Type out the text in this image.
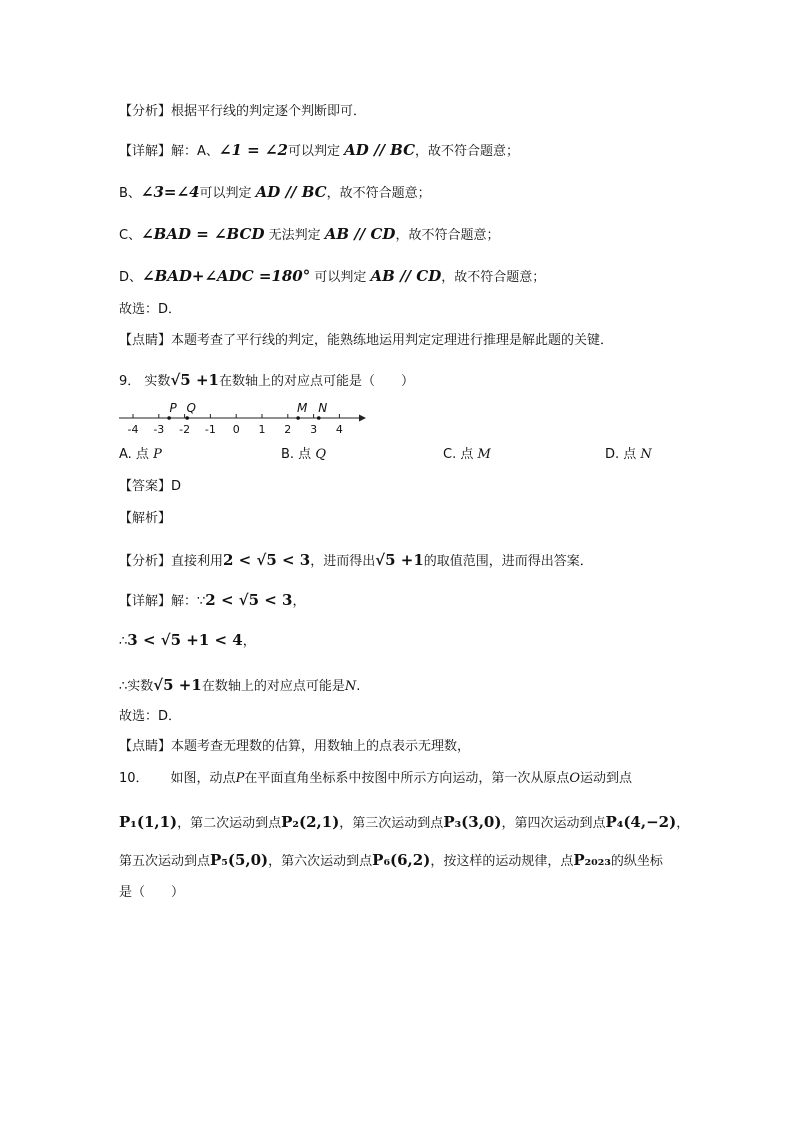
【分析】根据平行线的判定逐个判断即可．
【详解】解：A、∠1 = ∠2可以判定 AD // BC，故不符合题意；
B、∠3=∠4可以判定 AD // BC，故不符合题意；
C、∠BAD = ∠BCD 无法判定 AB // CD，故不符合题意；
D、∠BAD+∠ADC =180° 可以判定 AB // CD，故不符合题意；
故选：D．
【点睛】本题考查了平行线的判定，能熟练地运用判定定理进行推理是解此题的关键．
9． 实数√5 +1在数轴上的对应点可能是（　　）
-4 -3 -2 -1 0 1 2 3 4
P Q	M N
A. 点 P	B. 点 Q	C. 点 M	D. 点 N
【答案】D
【解析】
【分析】直接利用2 < √5 < 3，进而得出√5 +1的取值范围，进而得出答案．
【详解】解：∵2 < √5 < 3，
∴3 < √5 +1 < 4，
∴实数√5 +1在数轴上的对应点可能是N.
故选：D．
【点睛】本题考查无理数的估算，用数轴上的点表示无理数，
10． 如图，动点P在平面直角坐标系中按图中所示方向运动，第一次从原点O运动到点
P₁(1,1)，第二次运动到点P₂(2,1)，第三次运动到点P₃(3,0)，第四次运动到点P₄(4,−2)，
第五次运动到点P₅(5,0)，第六次运动到点P₆(6,2)，按这样的运动规律，点P₂₀₂₃的纵坐标
是（　　）
